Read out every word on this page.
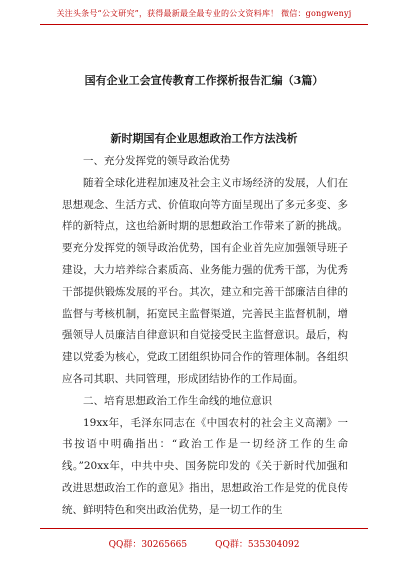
关注头条号“公文研究”，获得最新最全最专业的公文资料库！ 微信：gongwenyj
国有企业工会宣传教育工作探析报告汇编（3篇）
新时期国有企业思想政治工作方法浅析
一、充分发挥党的领导政治优势

随着全球化进程加速及社会主义市场经济的发展，人们在思想观念、生活方式、价值取向等方面呈现出了多元多变、多样的新特点，这也给新时期的思想政治工作带来了新的挑战。要充分发挥党的领导政治优势，国有企业首先应加强领导班子建设，大力培养综合素质高、业务能力强的优秀干部，为优秀干部提供锻炼发展的平台。其次，建立和完善干部廉洁自律的监督与考核机制，拓宽民主监督渠道，完善民主监督机制，增强领导人员廉洁自律意识和自觉接受民主监督意识。最后，构建以党委为核心，党政工团组织协同合作的管理体制。各组织应各司其职、共同管理，形成团结协作的工作局面。

二、培育思想政治工作生命线的地位意识

19xx年，毛泽东同志在《中国农村的社会主义高潮》一书按语中明确指出：“政治工作是一切经济工作的生命线。”20xx年，中共中央、国务院印发的《关于新时代加强和改进思想政治工作的意见》指出，思想政治工作是党的优良传统、鲜明特色和突出政治优势，是一切工作的生

QQ群：30265665	QQ群：535304092
